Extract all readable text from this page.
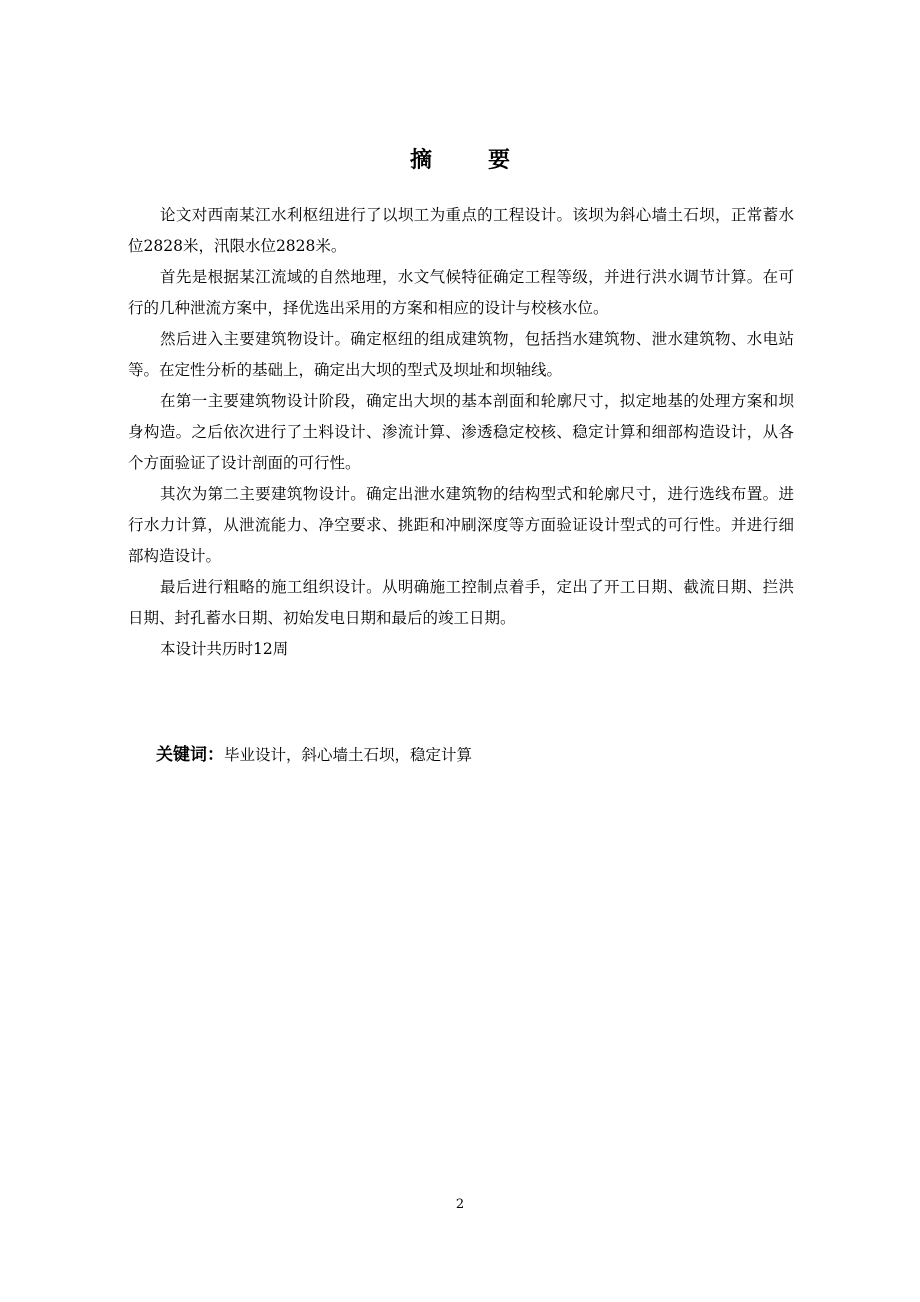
摘要

论文对西南某江水利枢纽进行了以坝工为重点的工程设计。该坝为斜心墙土石坝，正常蓄水位2828米，汛限水位2828米。

首先是根据某江流域的自然地理，水文气候特征确定工程等级，并进行洪水调节计算。在可行的几种泄流方案中，择优选出采用的方案和相应的设计与校核水位。

然后进入主要建筑物设计。确定枢纽的组成建筑物，包括挡水建筑物、泄水建筑物、水电站等。在定性分析的基础上，确定出大坝的型式及坝址和坝轴线。

在第一主要建筑物设计阶段，确定出大坝的基本剖面和轮廓尺寸，拟定地基的处理方案和坝身构造。之后依次进行了土料设计、渗流计算、渗透稳定校核、稳定计算和细部构造设计，从各个方面验证了设计剖面的可行性。

其次为第二主要建筑物设计。确定出泄水建筑物的结构型式和轮廓尺寸，进行选线布置。进行水力计算，从泄流能力、净空要求、挑距和冲刷深度等方面验证设计型式的可行性。并进行细部构造设计。

最后进行粗略的施工组织设计。从明确施工控制点着手，定出了开工日期、截流日期、拦洪日期、封孔蓄水日期、初始发电日期和最后的竣工日期。

本设计共历时12周

关键词：毕业设计，斜心墙土石坝，稳定计算
2
